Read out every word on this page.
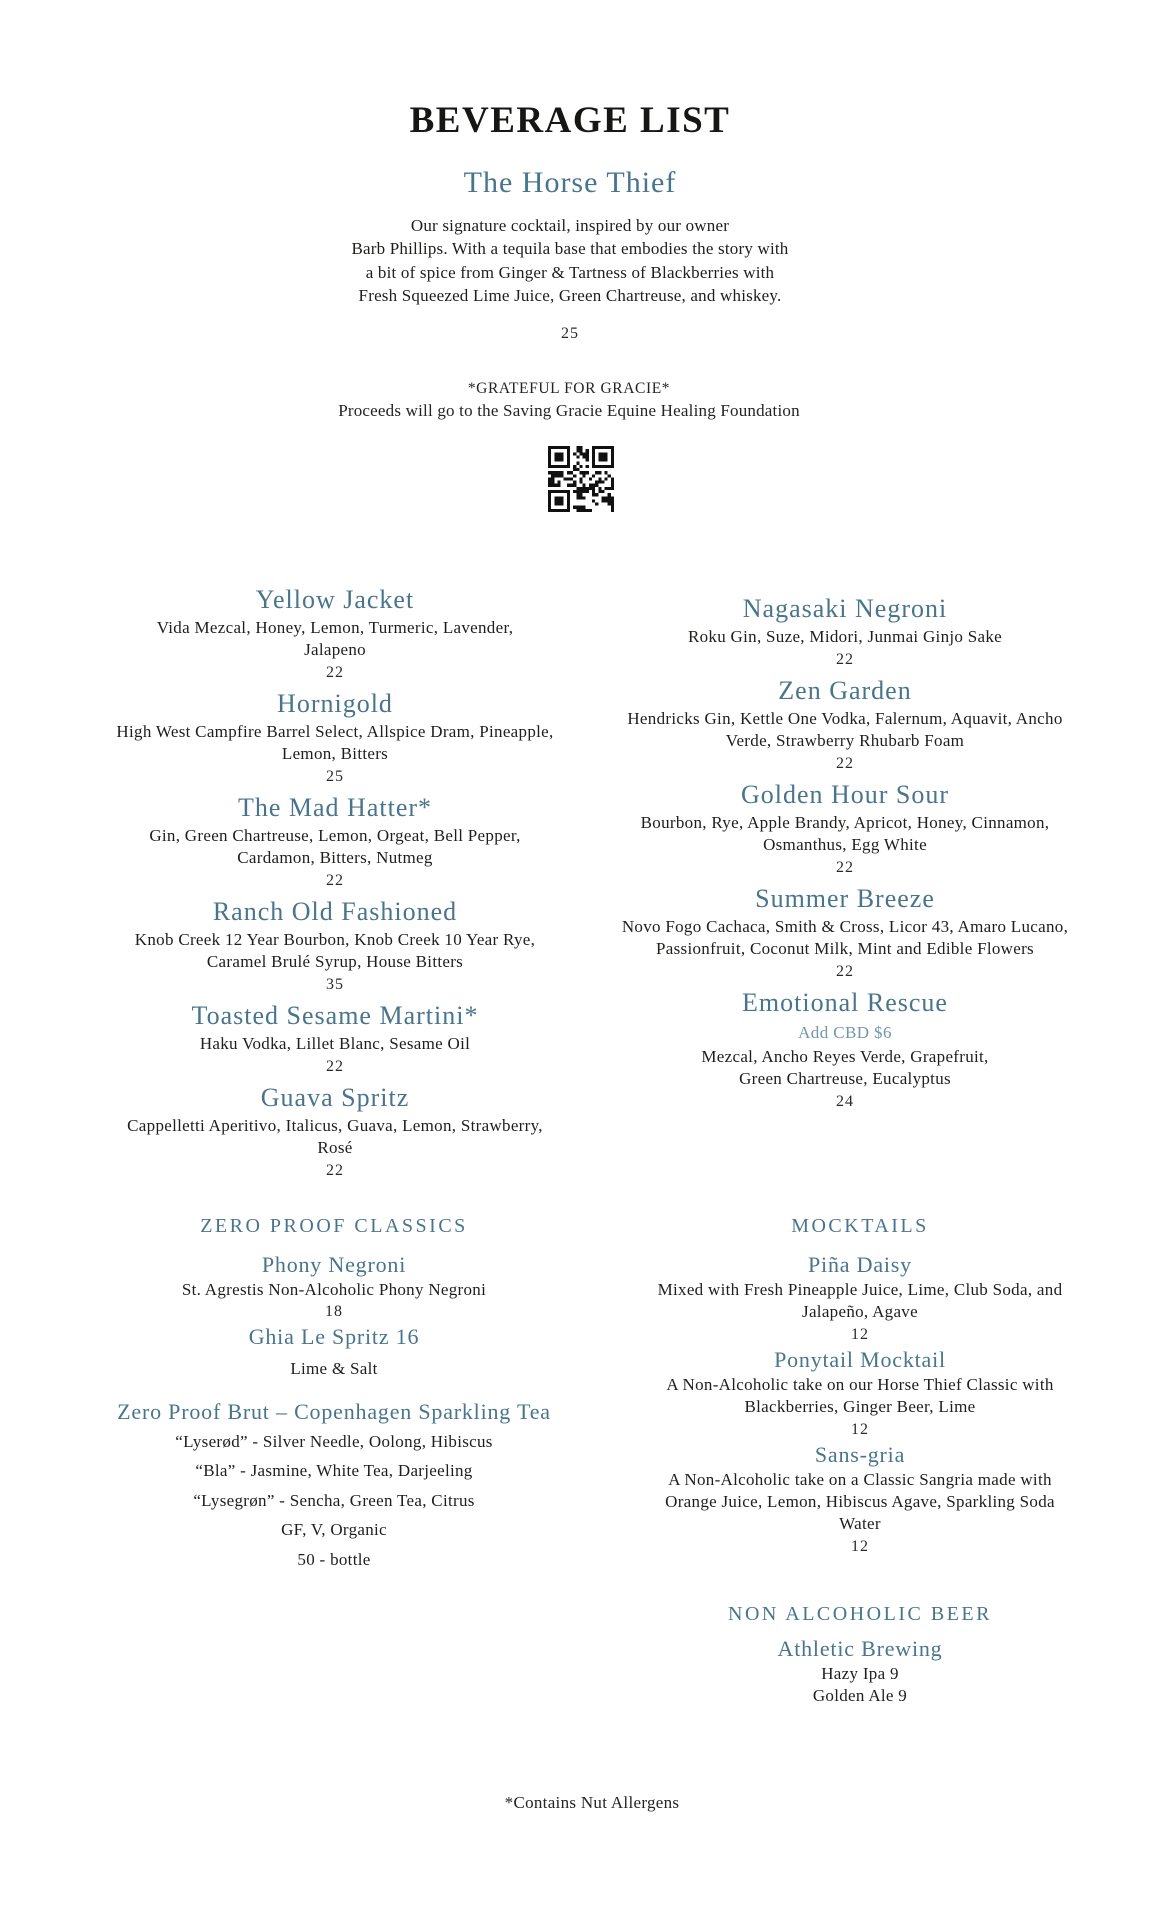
BEVERAGE LIST
The Horse Thief
Our signature cocktail, inspired by our owner
Barb Phillips. With a tequila base that embodies the story with
a bit of spice from Ginger & Tartness of Blackberries with
Fresh Squeezed Lime Juice, Green Chartreuse, and whiskey.
25
*GRATEFUL FOR GRACIE*
Proceeds will go to the Saving Gracie Equine Healing Foundation
Yellow Jacket
Vida Mezcal, Honey, Lemon, Turmeric, Lavender,
Jalapeno
22
Hornigold
High West Campfire Barrel Select, Allspice Dram, Pineapple,
Lemon, Bitters
25
The Mad Hatter*
Gin, Green Chartreuse, Lemon, Orgeat, Bell Pepper,
Cardamon, Bitters, Nutmeg
22
Ranch Old Fashioned
Knob Creek 12 Year Bourbon, Knob Creek 10 Year Rye,
Caramel Brulé Syrup, House Bitters
35
Toasted Sesame Martini*
Haku Vodka, Lillet Blanc, Sesame Oil
22
Guava Spritz
Cappelletti Aperitivo, Italicus, Guava, Lemon, Strawberry,
Rosé
22
Nagasaki Negroni
Roku Gin, Suze, Midori, Junmai Ginjo Sake
22
Zen Garden
Hendricks Gin, Kettle One Vodka, Falernum, Aquavit, Ancho
Verde, Strawberry Rhubarb Foam
22
Golden Hour Sour
Bourbon, Rye, Apple Brandy, Apricot, Honey, Cinnamon,
Osmanthus, Egg White
22
Summer Breeze
Novo Fogo Cachaca, Smith & Cross, Licor 43, Amaro Lucano,
Passionfruit, Coconut Milk, Mint and Edible Flowers
22
Emotional Rescue
Add CBD $6
Mezcal, Ancho Reyes Verde, Grapefruit,
Green Chartreuse, Eucalyptus
24
ZERO PROOF CLASSICS
Phony Negroni
St. Agrestis Non-Alcoholic Phony Negroni
18
Ghia Le Spritz 16
Lime & Salt
Zero Proof Brut – Copenhagen Sparkling Tea
“Lyserød” - Silver Needle, Oolong, Hibiscus
“Bla” - Jasmine, White Tea, Darjeeling
“Lysegrøn” - Sencha, Green Tea, Citrus
GF, V, Organic
50 - bottle
MOCKTAILS
Piña Daisy
Mixed with Fresh Pineapple Juice, Lime, Club Soda, and
Jalapeño, Agave
12
Ponytail Mocktail
A Non-Alcoholic take on our Horse Thief Classic with
Blackberries, Ginger Beer, Lime
12
Sans-gria
A Non-Alcoholic take on a Classic Sangria made with
Orange Juice, Lemon, Hibiscus Agave, Sparkling Soda
Water
12
NON ALCOHOLIC BEER
Athletic Brewing
Hazy Ipa 9
Golden Ale 9
*Contains Nut Allergens
